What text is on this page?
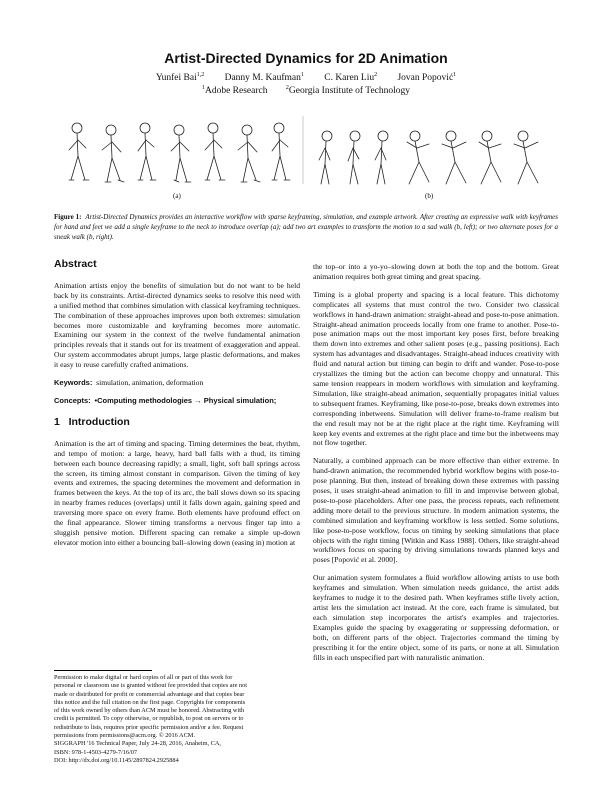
Artist-Directed Dynamics for 2D Animation
Yunfei Bai$^{1,2}$ Danny M. Kaufman$^1$ C. Karen Liu$^2$ Jovan Popović$^1$
$^1$Adobe Research	$^2$Georgia Institute of Technology
(a)	(b)
Figure 1: Artist-Directed Dynamics provides an interactive workflow with sparse keyframing, simulation, and example artwork. After creating an expressive walk with keyframes for hand and feet we add a single keyframe to the neck to introduce overlap (a); add two art examples to transform the motion to a sad walk (b, left); or two alternate poses for a sneak walk (b, right).
Abstract

Animation artists enjoy the benefits of simulation but do not want to be held back by its constraints. Artist-directed dynamics seeks to resolve this need with a unified method that combines simulation with classical keyframing techniques. The combination of these approaches improves upon both extremes: simulation becomes more customizable and keyframing becomes more automatic. Examining our system in the context of the twelve fundamental animation principles reveals that it stands out for its treatment of exaggeration and appeal. Our system accommodates abrupt jumps, large plastic deformations, and makes it easy to reuse carefully crafted animations.

Keywords: simulation, animation, deformation

Concepts: •Computing methodologies → Physical simulation;

1   Introduction

Animation is the art of timing and spacing. Timing determines the beat, rhythm, and tempo of motion: a large, heavy, hard ball falls with a thud, its timing between each bounce decreasing rapidly; a small, light, soft ball springs across the screen, its timing almost constant in comparison. Given the timing of key events and extremes, the spacing determines the movement and deformation in frames between the keys. At the top of its arc, the ball slows down so its spacing in nearby frames reduces (overlaps) until it falls down again, gaining speed and traversing more space on every frame. Both elements have profound effect on the final appearance. Slower timing transforms a nervous finger tap into a sluggish pensive motion. Different spacing can remake a simple up-down elevator motion into either a bouncing ball–slowing down (easing in) motion at

Permission to make digital or hard copies of all or part of this work for
personal or classroom use is granted without fee provided that copies are not
made or distributed for profit or commercial advantage and that copies bear
this notice and the full citation on the first page. Copyrights for components
of this work owned by others than ACM must be honored. Abstracting with
credit is permitted. To copy otherwise, or republish, to post on servers or to
redistribute to lists, requires prior specific permission and/or a fee. Request
permissions from permissions@acm.org. © 2016 ACM.
SIGGRAPH '16 Technical Paper, July 24-28, 2016, Anaheim, CA,
ISBN: 978-1-4503-4279-7/16/07
DOI: http://dx.doi.org/10.1145/2897824.2925884

the top–or into a yo-yo–slowing down at both the top and the bottom. Great animation requires both great timing and great spacing.

Timing is a global property and spacing is a local feature. This dichotomy complicates all systems that must control the two. Consider two classical workflows in hand-drawn animation: straight-ahead and pose-to-pose animation. Straight-ahead animation proceeds locally from one frame to another. Pose-to-pose animation maps out the most important key poses first, before breaking them down into extremes and other salient poses (e.g., passing positions). Each system has advantages and disadvantages. Straight-ahead induces creativity with fluid and natural action but timing can begin to drift and wander. Pose-to-pose crystallizes the timing but the action can become choppy and unnatural. This same tension reappears in modern workflows with simulation and keyframing. Simulation, like straight-ahead animation, sequentially propagates initial values to subsequent frames. Keyframing, like pose-to-pose, breaks down extremes into corresponding inbetweens. Simulation will deliver frame-to-frame realism but the end result may not be at the right place at the right time. Keyframing will keep key events and extremes at the right place and time but the inbetweens may not flow together.

Naturally, a combined approach can be more effective than either extreme. In hand-drawn animation, the recommended hybrid workflow begins with pose-to-pose planning. But then, instead of breaking down these extremes with passing poses, it uses straight-ahead animation to fill in and improvise between global, pose-to-pose placeholders. After one pass, the process repeats, each refinement adding more detail to the previous structure. In modern animation systems, the combined simulation and keyframing workflow is less settled. Some solutions, like pose-to-pose workflow, focus on timing by seeking simulations that place objects with the right timing [Witkin and Kass 1988]. Others, like straight-ahead workflows focus on spacing by driving simulations towards planned keys and poses [Popović et al. 2000].

Our animation system formulates a fluid workflow allowing artists to use both keyframes and simulation. When simulation needs guidance, the artist adds keyframes to nudge it to the desired path. When keyframes stifle lively action, artist lets the simulation act instead. At the core, each frame is simulated, but each simulation step incorporates the artist's examples and trajectories. Examples guide the spacing by exaggerating or suppressing deformation, or both, on different parts of the object. Trajectories command the timing by prescribing it for the entire object, some of its parts, or none at all. Simulation fills in each unspecified part with naturalistic animation.
